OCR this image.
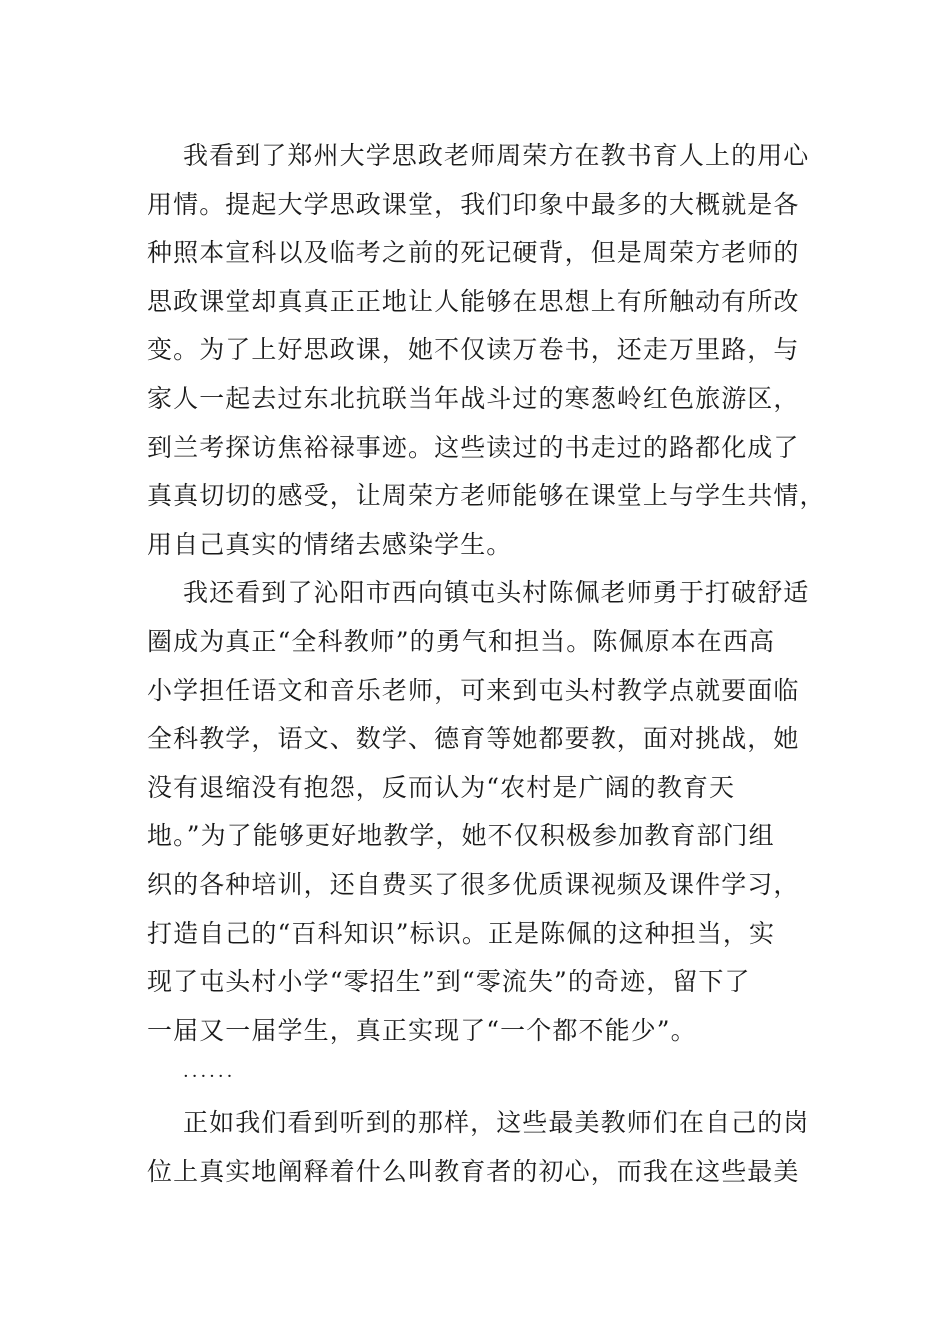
我看到了郑州大学思政老师周荣方在教书育人上的用心
用情。提起大学思政课堂，我们印象中最多的大概就是各
种照本宣科以及临考之前的死记硬背，但是周荣方老师的
思政课堂却真真正正地让人能够在思想上有所触动有所改
变。为了上好思政课，她不仅读万卷书，还走万里路，与
家人一起去过东北抗联当年战斗过的寒葱岭红色旅游区，
到兰考探访焦裕禄事迹。这些读过的书走过的路都化成了
真真切切的感受，让周荣方老师能够在课堂上与学生共情，
用自己真实的情绪去感染学生。
我还看到了沁阳市西向镇屯头村陈佩老师勇于打破舒适
圈成为真正“全科教师”的勇气和担当。陈佩原本在西高
小学担任语文和音乐老师，可来到屯头村教学点就要面临
全科教学，语文、数学、德育等她都要教，面对挑战，她
没有退缩没有抱怨，反而认为“农村是广阔的教育天
地。”为了能够更好地教学，她不仅积极参加教育部门组
织的各种培训，还自费买了很多优质课视频及课件学习，
打造自己的“百科知识”标识。正是陈佩的这种担当，实
现了屯头村小学“零招生”到“零流失”的奇迹，留下了
一届又一届学生，真正实现了“一个都不能少”。
······
正如我们看到听到的那样，这些最美教师们在自己的岗
位上真实地阐释着什么叫教育者的初心，而我在这些最美
